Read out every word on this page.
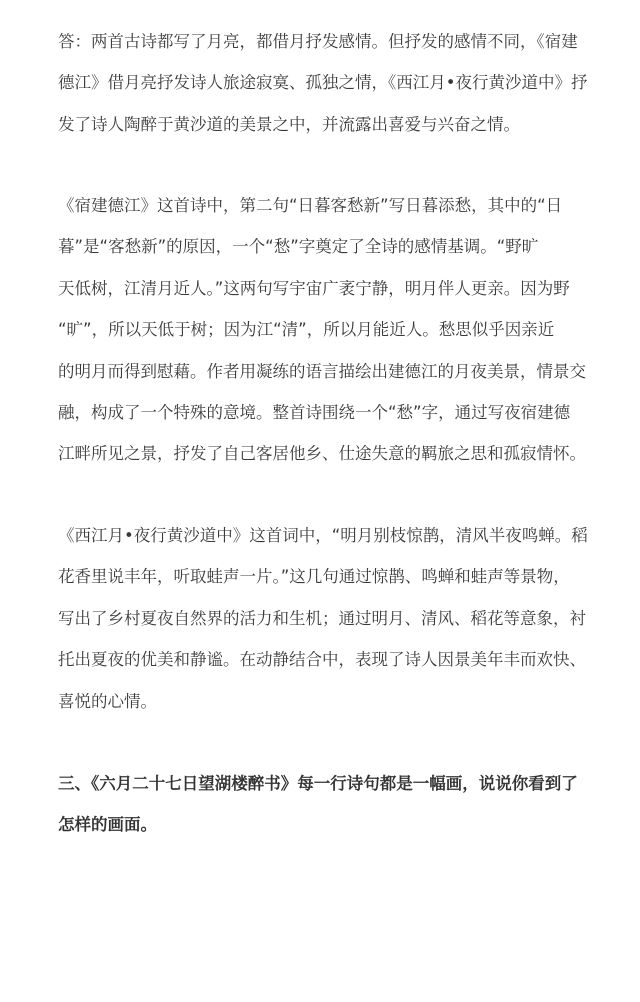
答：两首古诗都写了月亮，都借月抒发感情。但抒发的感情不同，《宿建
德江》借月亮抒发诗人旅途寂寞、孤独之情，《西江月•夜行黄沙道中》抒
发了诗人陶醉于黄沙道的美景之中，并流露出喜爱与兴奋之情。
《宿建德江》这首诗中，第二句“日暮客愁新”写日暮添愁，其中的“日
暮”是“客愁新”的原因，一个“愁”字奠定了全诗的感情基调。“野旷
天低树，江清月近人。”这两句写宇宙广袤宁静，明月伴人更亲。因为野
“旷”，所以天低于树；因为江“清”，所以月能近人。愁思似乎因亲近
的明月而得到慰藉。作者用凝练的语言描绘出建德江的月夜美景，情景交
融，构成了一个特殊的意境。整首诗围绕一个“愁”字，通过写夜宿建德
江畔所见之景，抒发了自己客居他乡、仕途失意的羁旅之思和孤寂情怀。
《西江月•夜行黄沙道中》这首词中，“明月别枝惊鹊，清风半夜鸣蝉。稻
花香里说丰年，听取蛙声一片。”这几句通过惊鹊、鸣蝉和蛙声等景物，
写出了乡村夏夜自然界的活力和生机；通过明月、清风、稻花等意象，衬
托出夏夜的优美和静谧。在动静结合中，表现了诗人因景美年丰而欢快、
喜悦的心情。
三、《六月二十七日望湖楼醉书》每一行诗句都是一幅画，说说你看到了
怎样的画面。
